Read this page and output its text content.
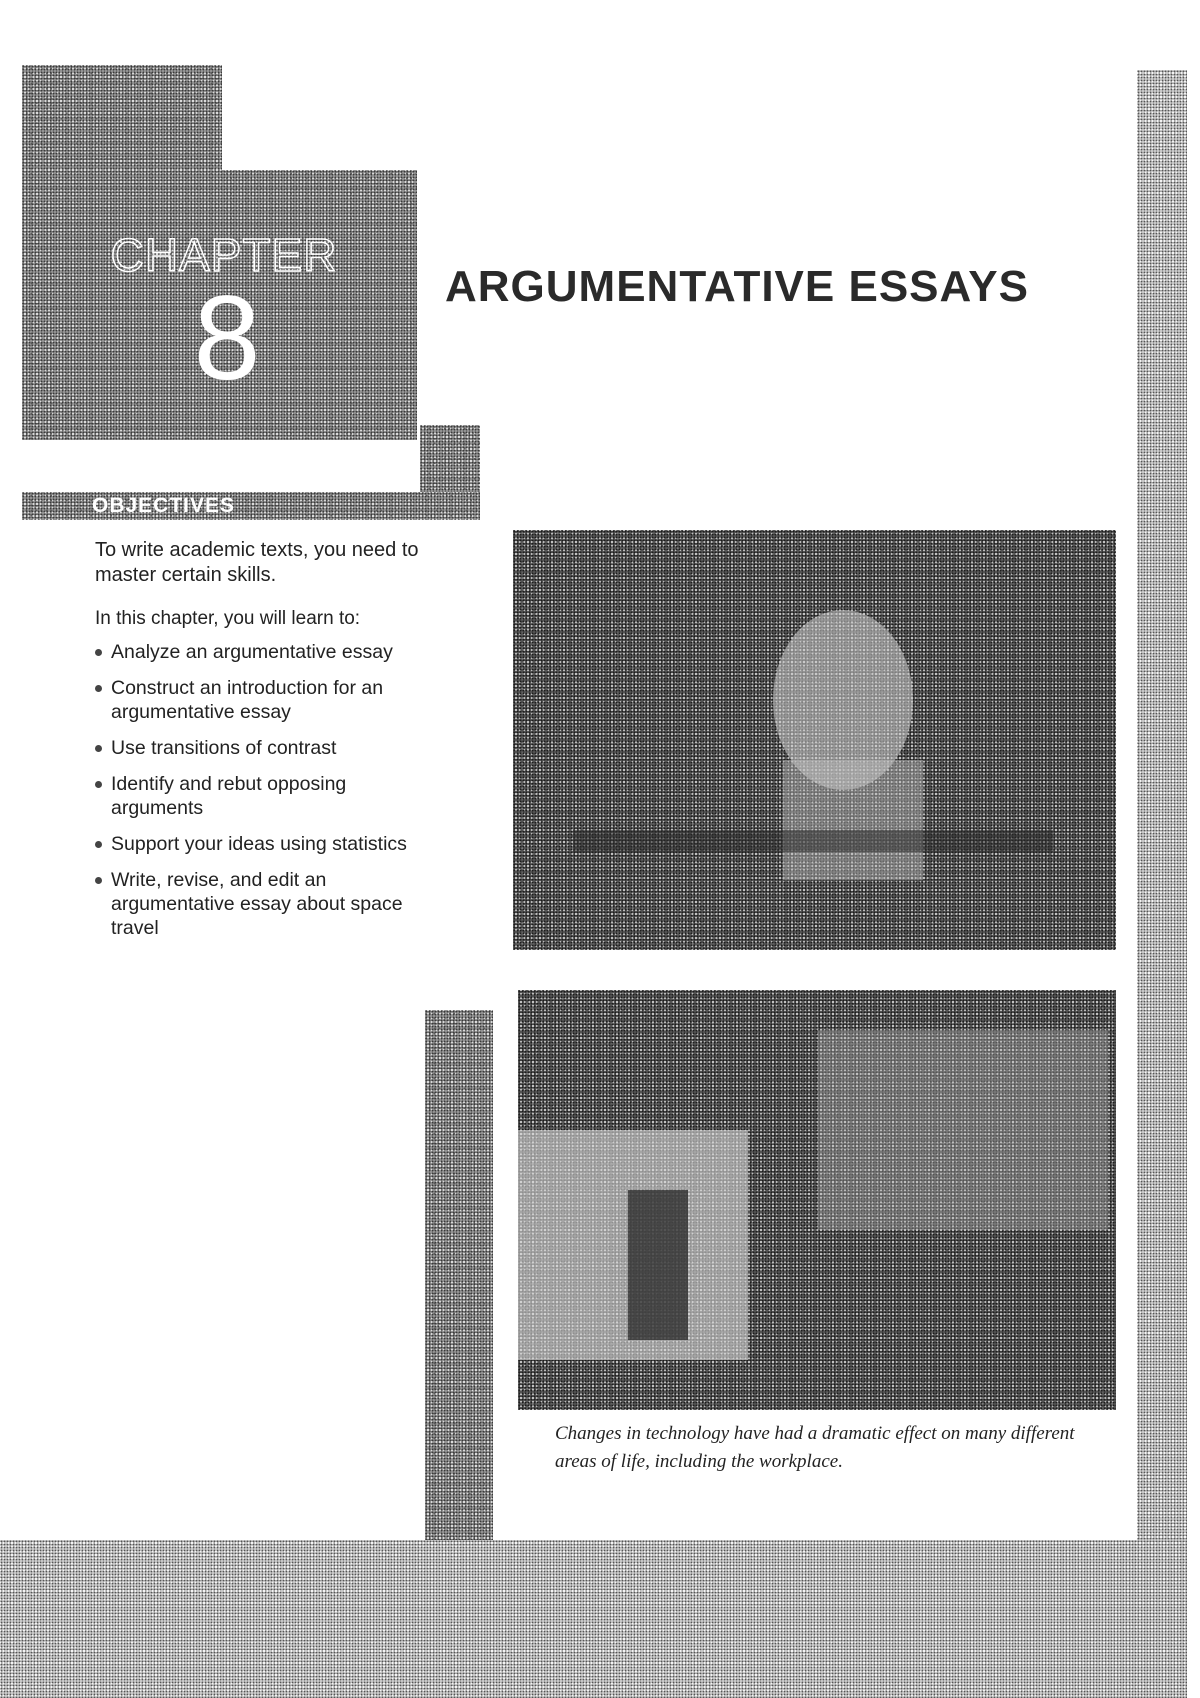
CHAPTER
8	ARGUMENTATIVE ESSAYS
OBJECTIVES
To write academic texts, you need to master certain skills.
In this chapter, you will learn to:
Analyze an argumentative essay
Construct an introduction for an argumentative essay
Use transitions of contrast
Identify and rebut opposing arguments
Support your ideas using statistics
Write, revise, and edit an argumentative essay about space travel
Changes in technology have had a dramatic effect on many different areas of life, including the workplace.
